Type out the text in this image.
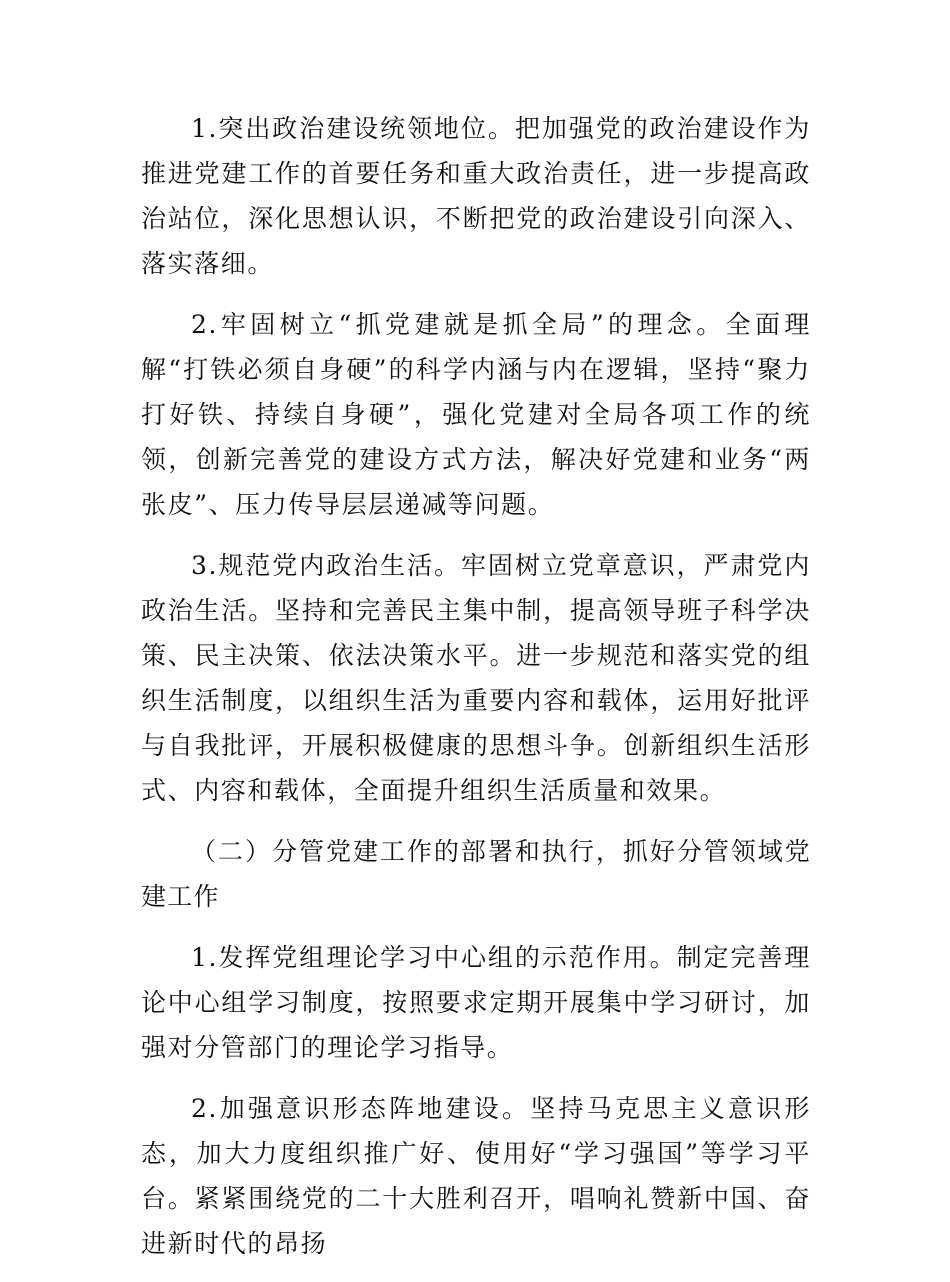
1.突出政治建设统领地位。把加强党的政治建设作为推进党建工作的首要任务和重大政治责任，进一步提高政治站位，深化思想认识，不断把党的政治建设引向深入、落实落细。

2.牢固树立“抓党建就是抓全局”的理念。全面理解“打铁必须自身硬”的科学内涵与内在逻辑，坚持“聚力打好铁、持续自身硬”，强化党建对全局各项工作的统领，创新完善党的建设方式方法，解决好党建和业务“两张皮”、压力传导层层递减等问题。

3.规范党内政治生活。牢固树立党章意识，严肃党内政治生活。坚持和完善民主集中制，提高领导班子科学决策、民主决策、依法决策水平。进一步规范和落实党的组织生活制度，以组织生活为重要内容和载体，运用好批评与自我批评，开展积极健康的思想斗争。创新组织生活形式、内容和载体，全面提升组织生活质量和效果。

（二）分管党建工作的部署和执行，抓好分管领域党建工作

1.发挥党组理论学习中心组的示范作用。制定完善理论中心组学习制度，按照要求定期开展集中学习研讨，加强对分管部门的理论学习指导。

2.加强意识形态阵地建设。坚持马克思主义意识形态，加大力度组织推广好、使用好“学习强国”等学习平台。紧紧围绕党的二十大胜利召开，唱响礼赞新中国、奋进新时代的昂扬
